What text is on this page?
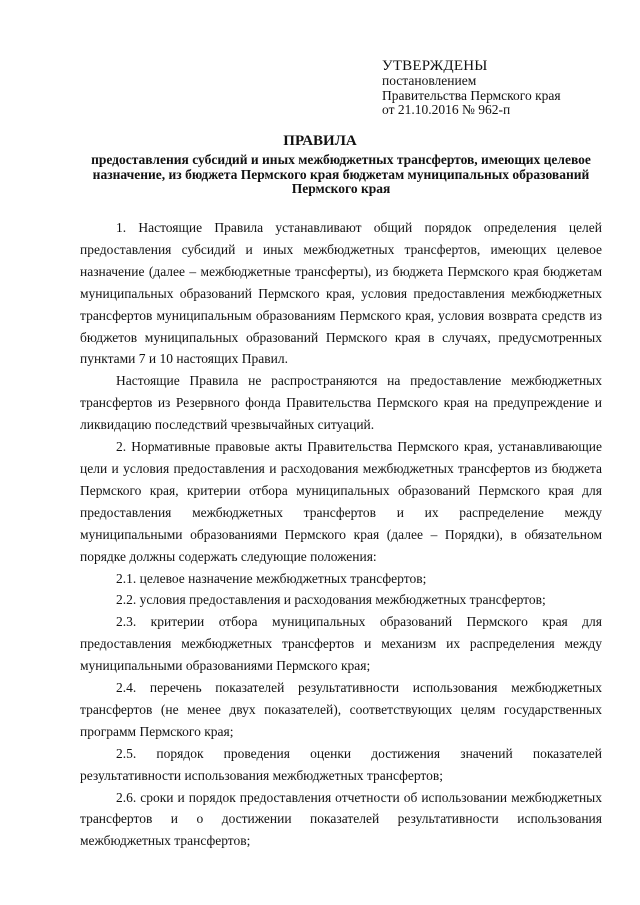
УТВЕРЖДЕНЫ
постановлением
Правительства Пермского края
от 21.10.2016 № 962-п
ПРАВИЛА
предоставления субсидий и иных межбюджетных трансфертов, имеющих целевое назначение, из бюджета Пермского края бюджетам муниципальных образований Пермского края

1. Настоящие Правила устанавливают общий порядок определения целей предоставления субсидий и иных межбюджетных трансфертов, имеющих целевое назначение (далее – межбюджетные трансферты), из бюджета Пермского края бюджетам муниципальных образований Пермского края, условия предоставления межбюджетных трансфертов муниципальным образованиям Пермского края, условия возврата средств из бюджетов муниципальных образований Пермского края в случаях, предусмотренных пунктами 7 и 10 настоящих Правил.

Настоящие Правила не распространяются на предоставление межбюджетных трансфертов из Резервного фонда Правительства Пермского края на предупреждение и ликвидацию последствий чрезвычайных ситуаций.

2. Нормативные правовые акты Правительства Пермского края, устанавливающие цели и условия предоставления и расходования межбюджетных трансфертов из бюджета Пермского края, критерии отбора муниципальных образований Пермского края для предоставления межбюджетных трансфертов и их распределение между муниципальными образованиями Пермского края (далее – Порядки), в обязательном порядке должны содержать следующие положения:

2.1. целевое назначение межбюджетных трансфертов;

2.2. условия предоставления и расходования межбюджетных трансфертов;

2.3. критерии отбора муниципальных образований Пермского края для предоставления межбюджетных трансфертов и механизм их распределения между муниципальными образованиями Пермского края;

2.4. перечень показателей результативности использования межбюджетных трансфертов (не менее двух показателей), соответствующих целям государственных программ Пермского края;

2.5. порядок проведения оценки достижения значений показателей результативности использования межбюджетных трансфертов;

2.6. сроки и порядок предоставления отчетности об использовании межбюджетных трансфертов и о достижении показателей результативности использования межбюджетных трансфертов;
